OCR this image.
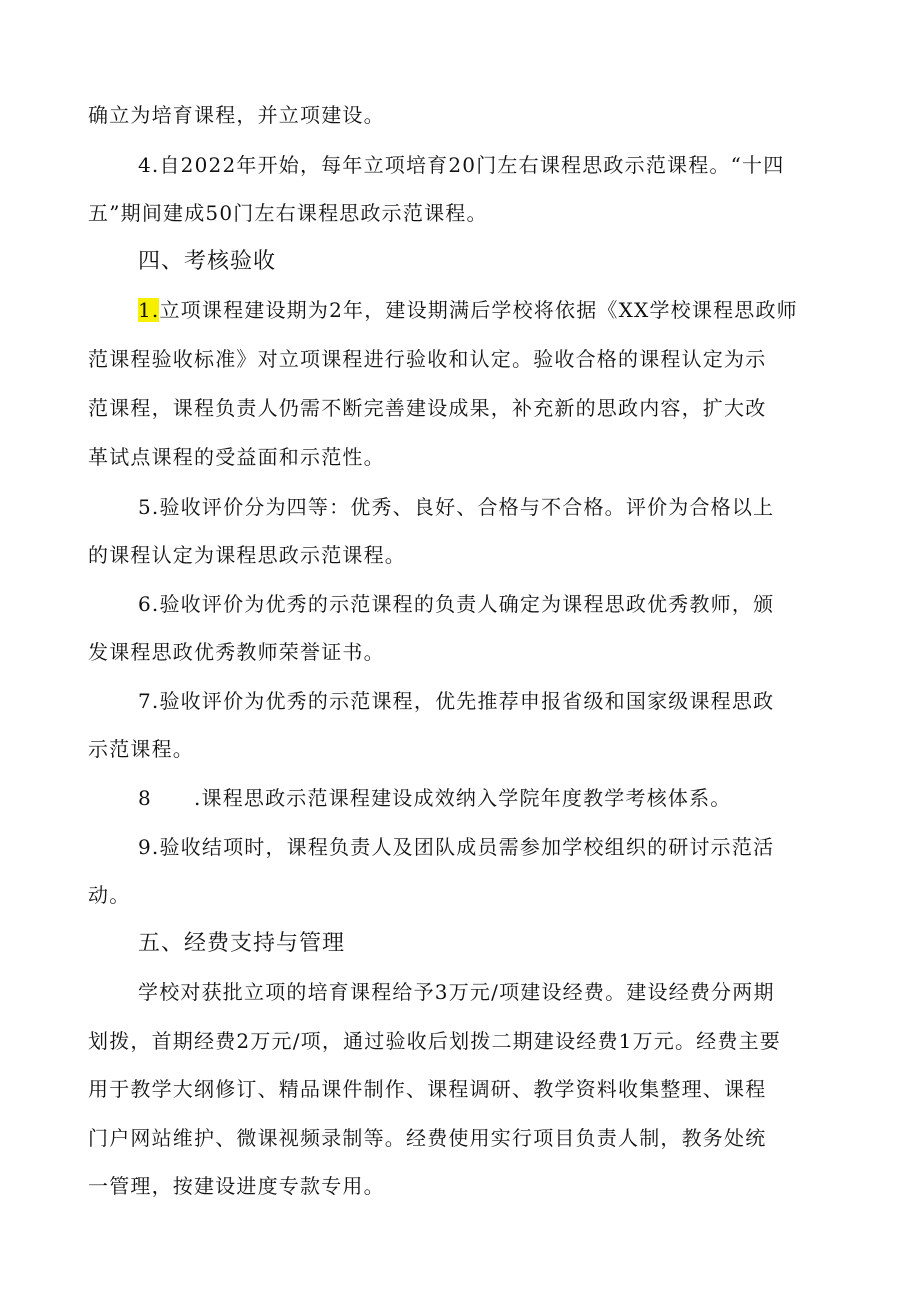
确立为培育课程，并立项建设。
4.自2022年开始，每年立项培育20门左右课程思政示范课程。“十四
五”期间建成50门左右课程思政示范课程。
四、考核验收
1.立项课程建设期为2年，建设期满后学校将依据《XX学校课程思政师
范课程验收标准》对立项课程进行验收和认定。验收合格的课程认定为示
范课程，课程负责人仍需不断完善建设成果，补充新的思政内容，扩大改
革试点课程的受益面和示范性。
5.验收评价分为四等：优秀、良好、合格与不合格。评价为合格以上
的课程认定为课程思政示范课程。
6.验收评价为优秀的示范课程的负责人确定为课程思政优秀教师，颁
发课程思政优秀教师荣誉证书。
7.验收评价为优秀的示范课程，优先推荐申报省级和国家级课程思政
示范课程。
8 .课程思政示范课程建设成效纳入学院年度教学考核体系。
9.验收结项时，课程负责人及团队成员需参加学校组织的研讨示范活
动。
五、经费支持与管理
学校对获批立项的培育课程给予3万元/项建设经费。建设经费分两期
划拨，首期经费2万元/项，通过验收后划拨二期建设经费1万元。经费主要
用于教学大纲修订、精品课件制作、课程调研、教学资料收集整理、课程
门户网站维护、微课视频录制等。经费使用实行项目负责人制，教务处统
一管理，按建设进度专款专用。
